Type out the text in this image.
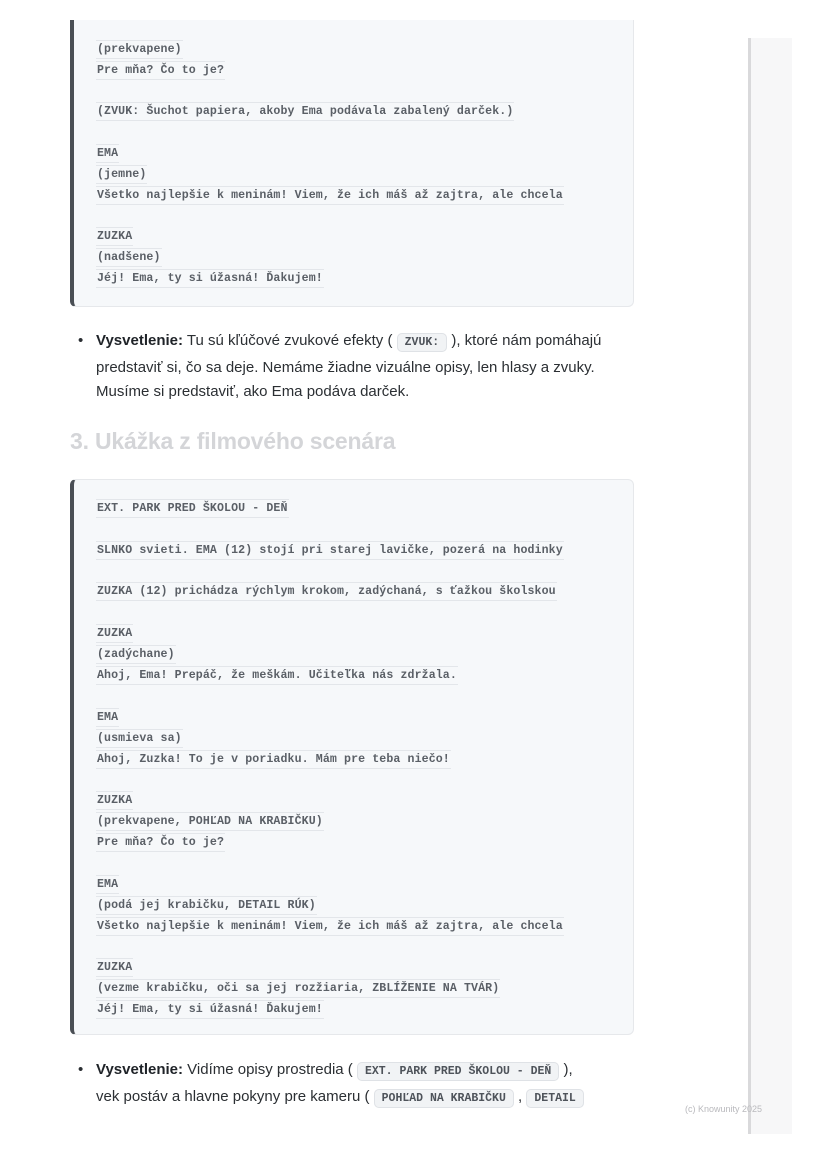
(prekvapene)
Pre mňa? Čo to je?
(ZVUK: Šuchot papiera, akoby Ema podávala zabalený darček.)
EMA
(jemne)
Všetko najlepšie k meninám! Viem, že ich máš až zajtra, ale chcela
ZUZKA
(nadšene)
Jéj! Ema, ty si úžasná! Ďakujem!
• Vysvetlenie: Tu sú kľúčové zvukové efekty ( ZVUK: ), ktoré nám pomáhajú
predstaviť si, čo sa deje. Nemáme žiadne vizuálne opisy, len hlasy a zvuky.
Musíme si predstaviť, ako Ema podáva darček.
3. Ukážka z filmového scenára
EXT. PARK PRED ŠKOLOU - DEŇ
SLNKO svieti. EMA (12) stojí pri starej lavičke, pozerá na hodinky
ZUZKA (12) prichádza rýchlym krokom, zadýchaná, s ťažkou školskou
ZUZKA
(zadýchane)
Ahoj, Ema! Prepáč, že meškám. Učiteľka nás zdržala.
EMA
(usmieva sa)
Ahoj, Zuzka! To je v poriadku. Mám pre teba niečo!
ZUZKA
(prekvapene, POHĽAD NA KRABIČKU)
Pre mňa? Čo to je?
EMA
(podá jej krabičku, DETAIL RÚK)
Všetko najlepšie k meninám! Viem, že ich máš až zajtra, ale chcela
ZUZKA
(vezme krabičku, oči sa jej rozžiaria, ZBLÍŽENIE NA TVÁR)
Jéj! Ema, ty si úžasná! Ďakujem!
• Vysvetlenie: Vidíme opisy prostredia ( EXT. PARK PRED ŠKOLOU - DEŇ ),
vek postáv a hlavne pokyny pre kameru ( POHĽAD NA KRABIČKU , DETAIL
(c) Knowunity 2025
